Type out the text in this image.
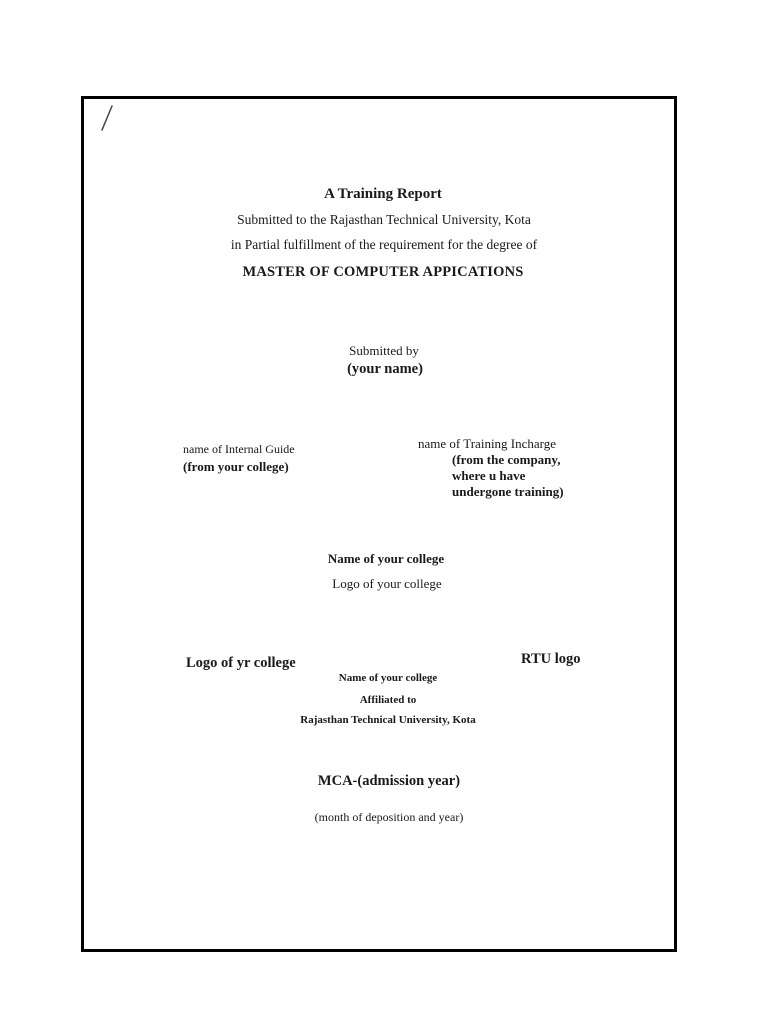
A Training Report
Submitted to the Rajasthan Technical University, Kota
in Partial fulfillment of the requirement for the degree of
MASTER OF COMPUTER APPICATIONS
Submitted by
(your name)
name of Internal Guide
(from your college)
name of Training Incharge
(from the company,
where u have
undergone training)
Name of your college
Logo of your college
Logo of yr college	RTU logo
Name of your college
Affiliated to
Rajasthan Technical University, Kota
MCA-(admission year)
(month of deposition and year)
